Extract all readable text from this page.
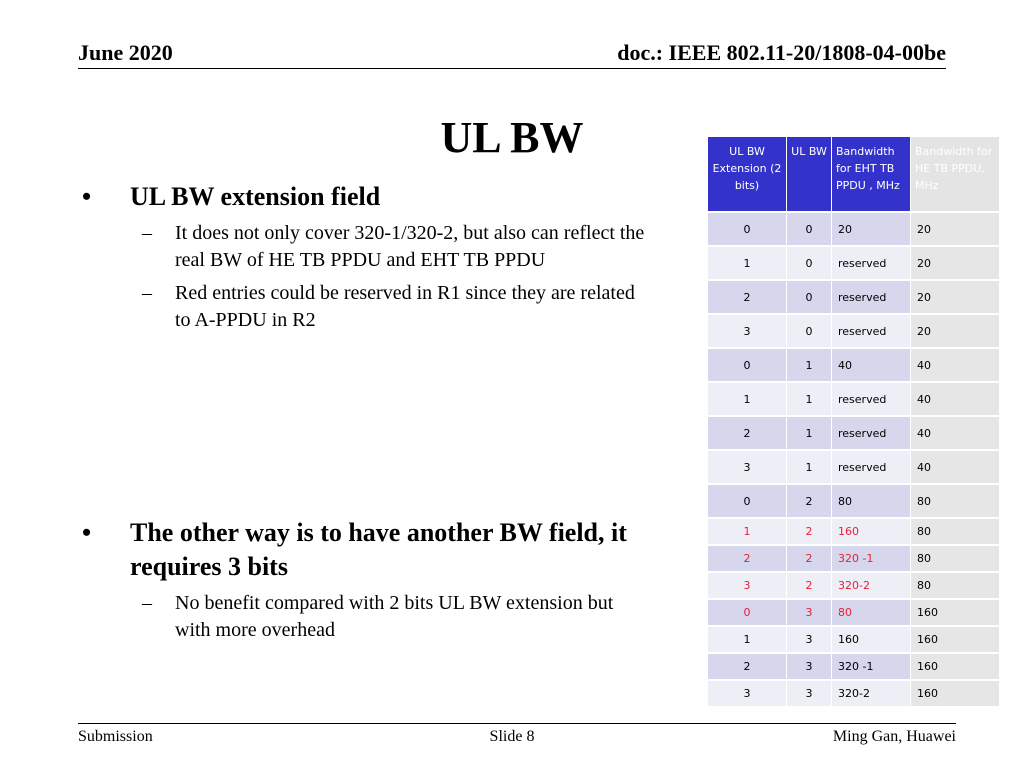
June 2020	doc.: IEEE 802.11-20/1808-04-00be
UL BW
•	UL BW extension field
–	It does not only cover 320-1/320-2, but also can reflect the real BW of HE TB PPDU and EHT TB PPDU
–	Red entries could be reserved in R1 since they are related to A-PPDU in R2
•	The other way is to have another BW field, it requires 3 bits
–	No benefit compared with 2 bits UL BW extension but with more overhead
UL BW Extension (2 bits)	UL BW	Bandwidth for EHT TB PPDU , MHz	Bandwidth for HE TB PPDU, MHz
0	0	20	20
1	0	reserved	20
2	0	reserved	20
3	0	reserved	20
0	1	40	40
1	1	reserved	40
2	1	reserved	40
3	1	reserved	40
0	2	80	80
1	2	160	80
2	2	320 -1	80
3	2	320-2	80
0	3	80	160
1	3	160	160
2	3	320 -1	160
3	3	320-2	160
Submission	Slide 8	Ming Gan, Huawei
